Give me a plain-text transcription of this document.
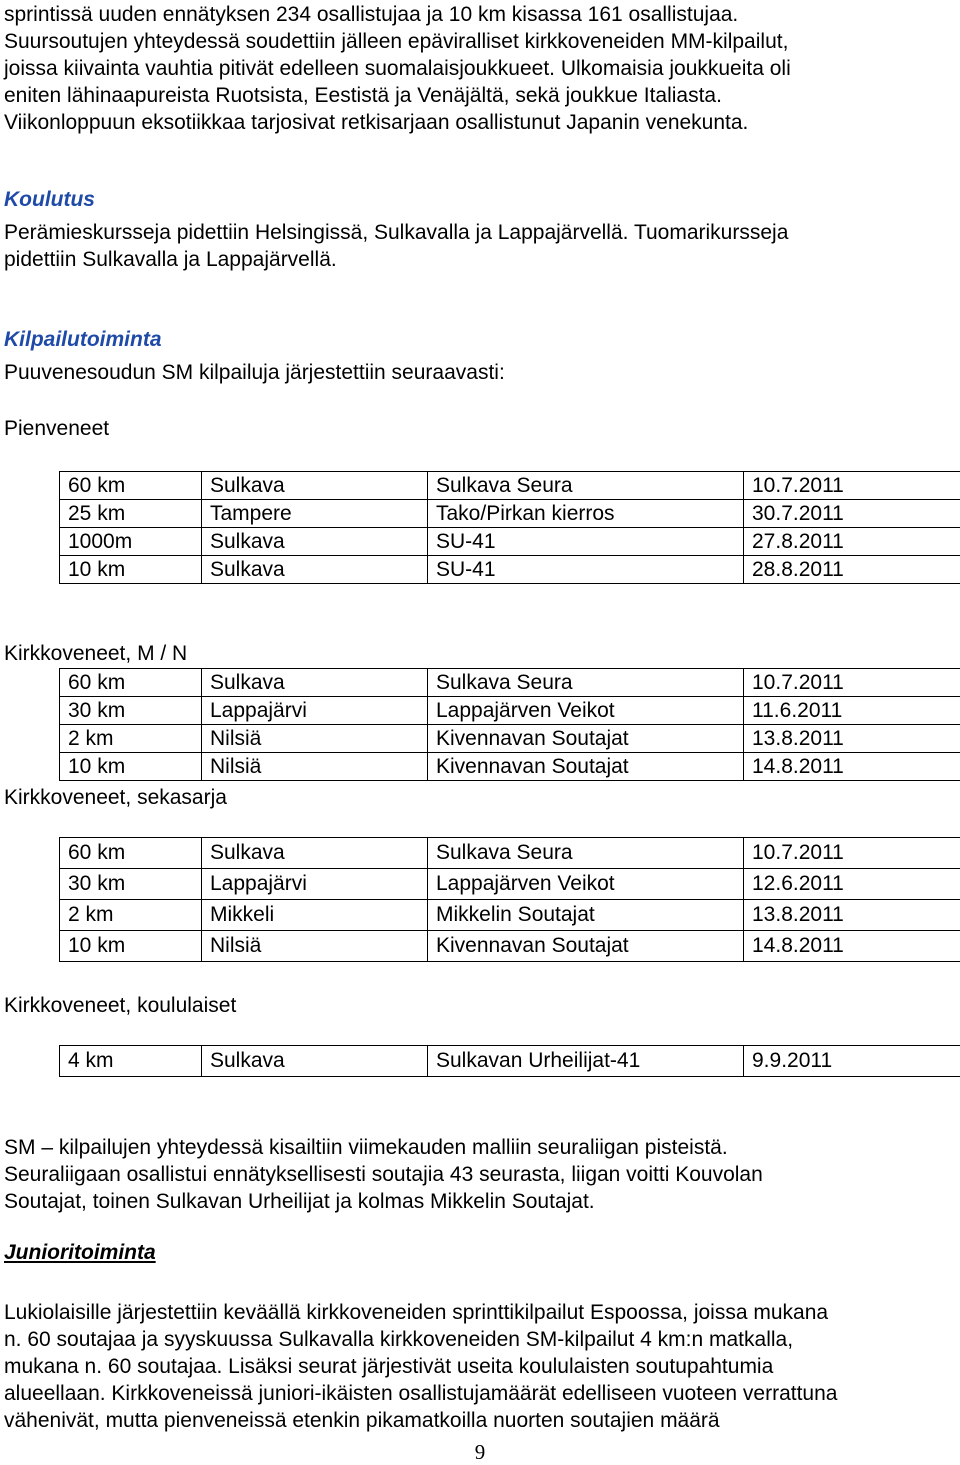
sprintissä uuden ennätyksen 234 osallistujaa ja 10 km kisassa 161 osallistujaa.

Suursoutujen yhteydessä soudettiin jälleen epäviralliset kirkkoveneiden MM-kilpailut,

joissa kiivainta vauhtia pitivät edelleen suomalaisjoukkueet. Ulkomaisia joukkueita oli

eniten lähinaapureista Ruotsista, Eestistä ja Venäjältä, sekä joukkue Italiasta.

Viikonloppuun eksotiikkaa tarjosivat retkisarjaan osallistunut Japanin venekunta.

Koulutus

Perämieskursseja pidettiin Helsingissä, Sulkavalla ja Lappajärvellä. Tuomarikursseja

pidettiin Sulkavalla ja Lappajärvellä.

Kilpailutoiminta

Puuvenesoudun SM kilpailuja järjestettiin seuraavasti:

Pienveneet

60 km	Sulkava	Sulkava Seura	10.7.2011
25 km	Tampere	Tako/Pirkan kierros	30.7.2011
1000m	Sulkava	SU-41	27.8.2011
10 km	Sulkava	SU-41	28.8.2011

Kirkkoveneet, M / N

60 km	Sulkava	Sulkava Seura	10.7.2011
30 km	Lappajärvi	Lappajärven Veikot	11.6.2011
2 km	Nilsiä	Kivennavan Soutajat	13.8.2011
10 km	Nilsiä	Kivennavan Soutajat	14.8.2011

Kirkkoveneet, sekasarja

60 km	Sulkava	Sulkava Seura	10.7.2011
30 km	Lappajärvi	Lappajärven Veikot	12.6.2011
2 km	Mikkeli	Mikkelin Soutajat	13.8.2011
10 km	Nilsiä	Kivennavan Soutajat	14.8.2011

Kirkkoveneet, koululaiset

4 km	Sulkava	Sulkavan Urheilijat-41	9.9.2011

SM – kilpailujen yhteydessä kisailtiin viimekauden malliin seuraliigan pisteistä.

Seuraliigaan osallistui ennätyksellisesti soutajia 43 seurasta, liigan voitti Kouvolan

Soutajat, toinen Sulkavan Urheilijat ja kolmas Mikkelin Soutajat.

Junioritoiminta

Lukiolaisille järjestettiin keväällä kirkkoveneiden sprinttikilpailut Espoossa, joissa mukana

n. 60 soutajaa ja syyskuussa Sulkavalla kirkkoveneiden SM-kilpailut 4 km:n matkalla,

mukana n. 60 soutajaa. Lisäksi seurat järjestivät useita koululaisten soutupahtumia

alueellaan. Kirkkoveneissä juniori-ikäisten osallistujamäärät edelliseen vuoteen verrattuna

vähenivät, mutta pienveneissä etenkin pikamatkoilla nuorten soutajien määrä

9
